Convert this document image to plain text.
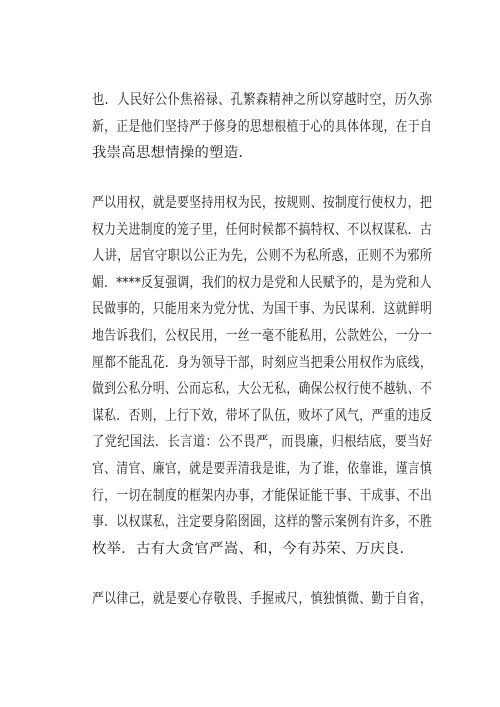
也．人民好公仆焦裕禄、孔繁森精神之所以穿越时空，历久弥
新，正是他们坚持严于修身的思想根植于心的具体体现，在于自
我崇高思想情操的塑造．

严以用权，就是要坚持用权为民，按规则、按制度行使权力，把
权力关进制度的笼子里，任何时候都不搞特权、不以权谋私．古
人讲，居官守职以公正为先，公则不为私所惑，正则不为邪所
媚．****反复强调，我们的权力是党和人民赋予的，是为党和人
民做事的，只能用来为党分忧、为国干事、为民谋利．这就鲜明
地告诉我们，公权民用，一丝一毫不能私用，公款姓公，一分一
厘都不能乱花．身为领导干部，时刻应当把秉公用权作为底线，
做到公私分明、公而忘私，大公无私，确保公权行使不越轨、不
谋私．否则，上行下效，带坏了队伍，败坏了风气，严重的违反
了党纪国法．长言道：公不畏严，而畏廉，归根结底，要当好
官、清官、廉官，就是要弄清我是谁，为了谁，依靠谁，谨言慎
行，一切在制度的框架内办事，才能保证能干事、干成事、不出
事．以权谋私，注定要身陷囹圄，这样的警示案例有许多，不胜
枚举．古有大贪官严嵩、和，今有苏荣、万庆良．

严以律己，就是要心存敬畏、手握戒尺，慎独慎微、勤于自省，
